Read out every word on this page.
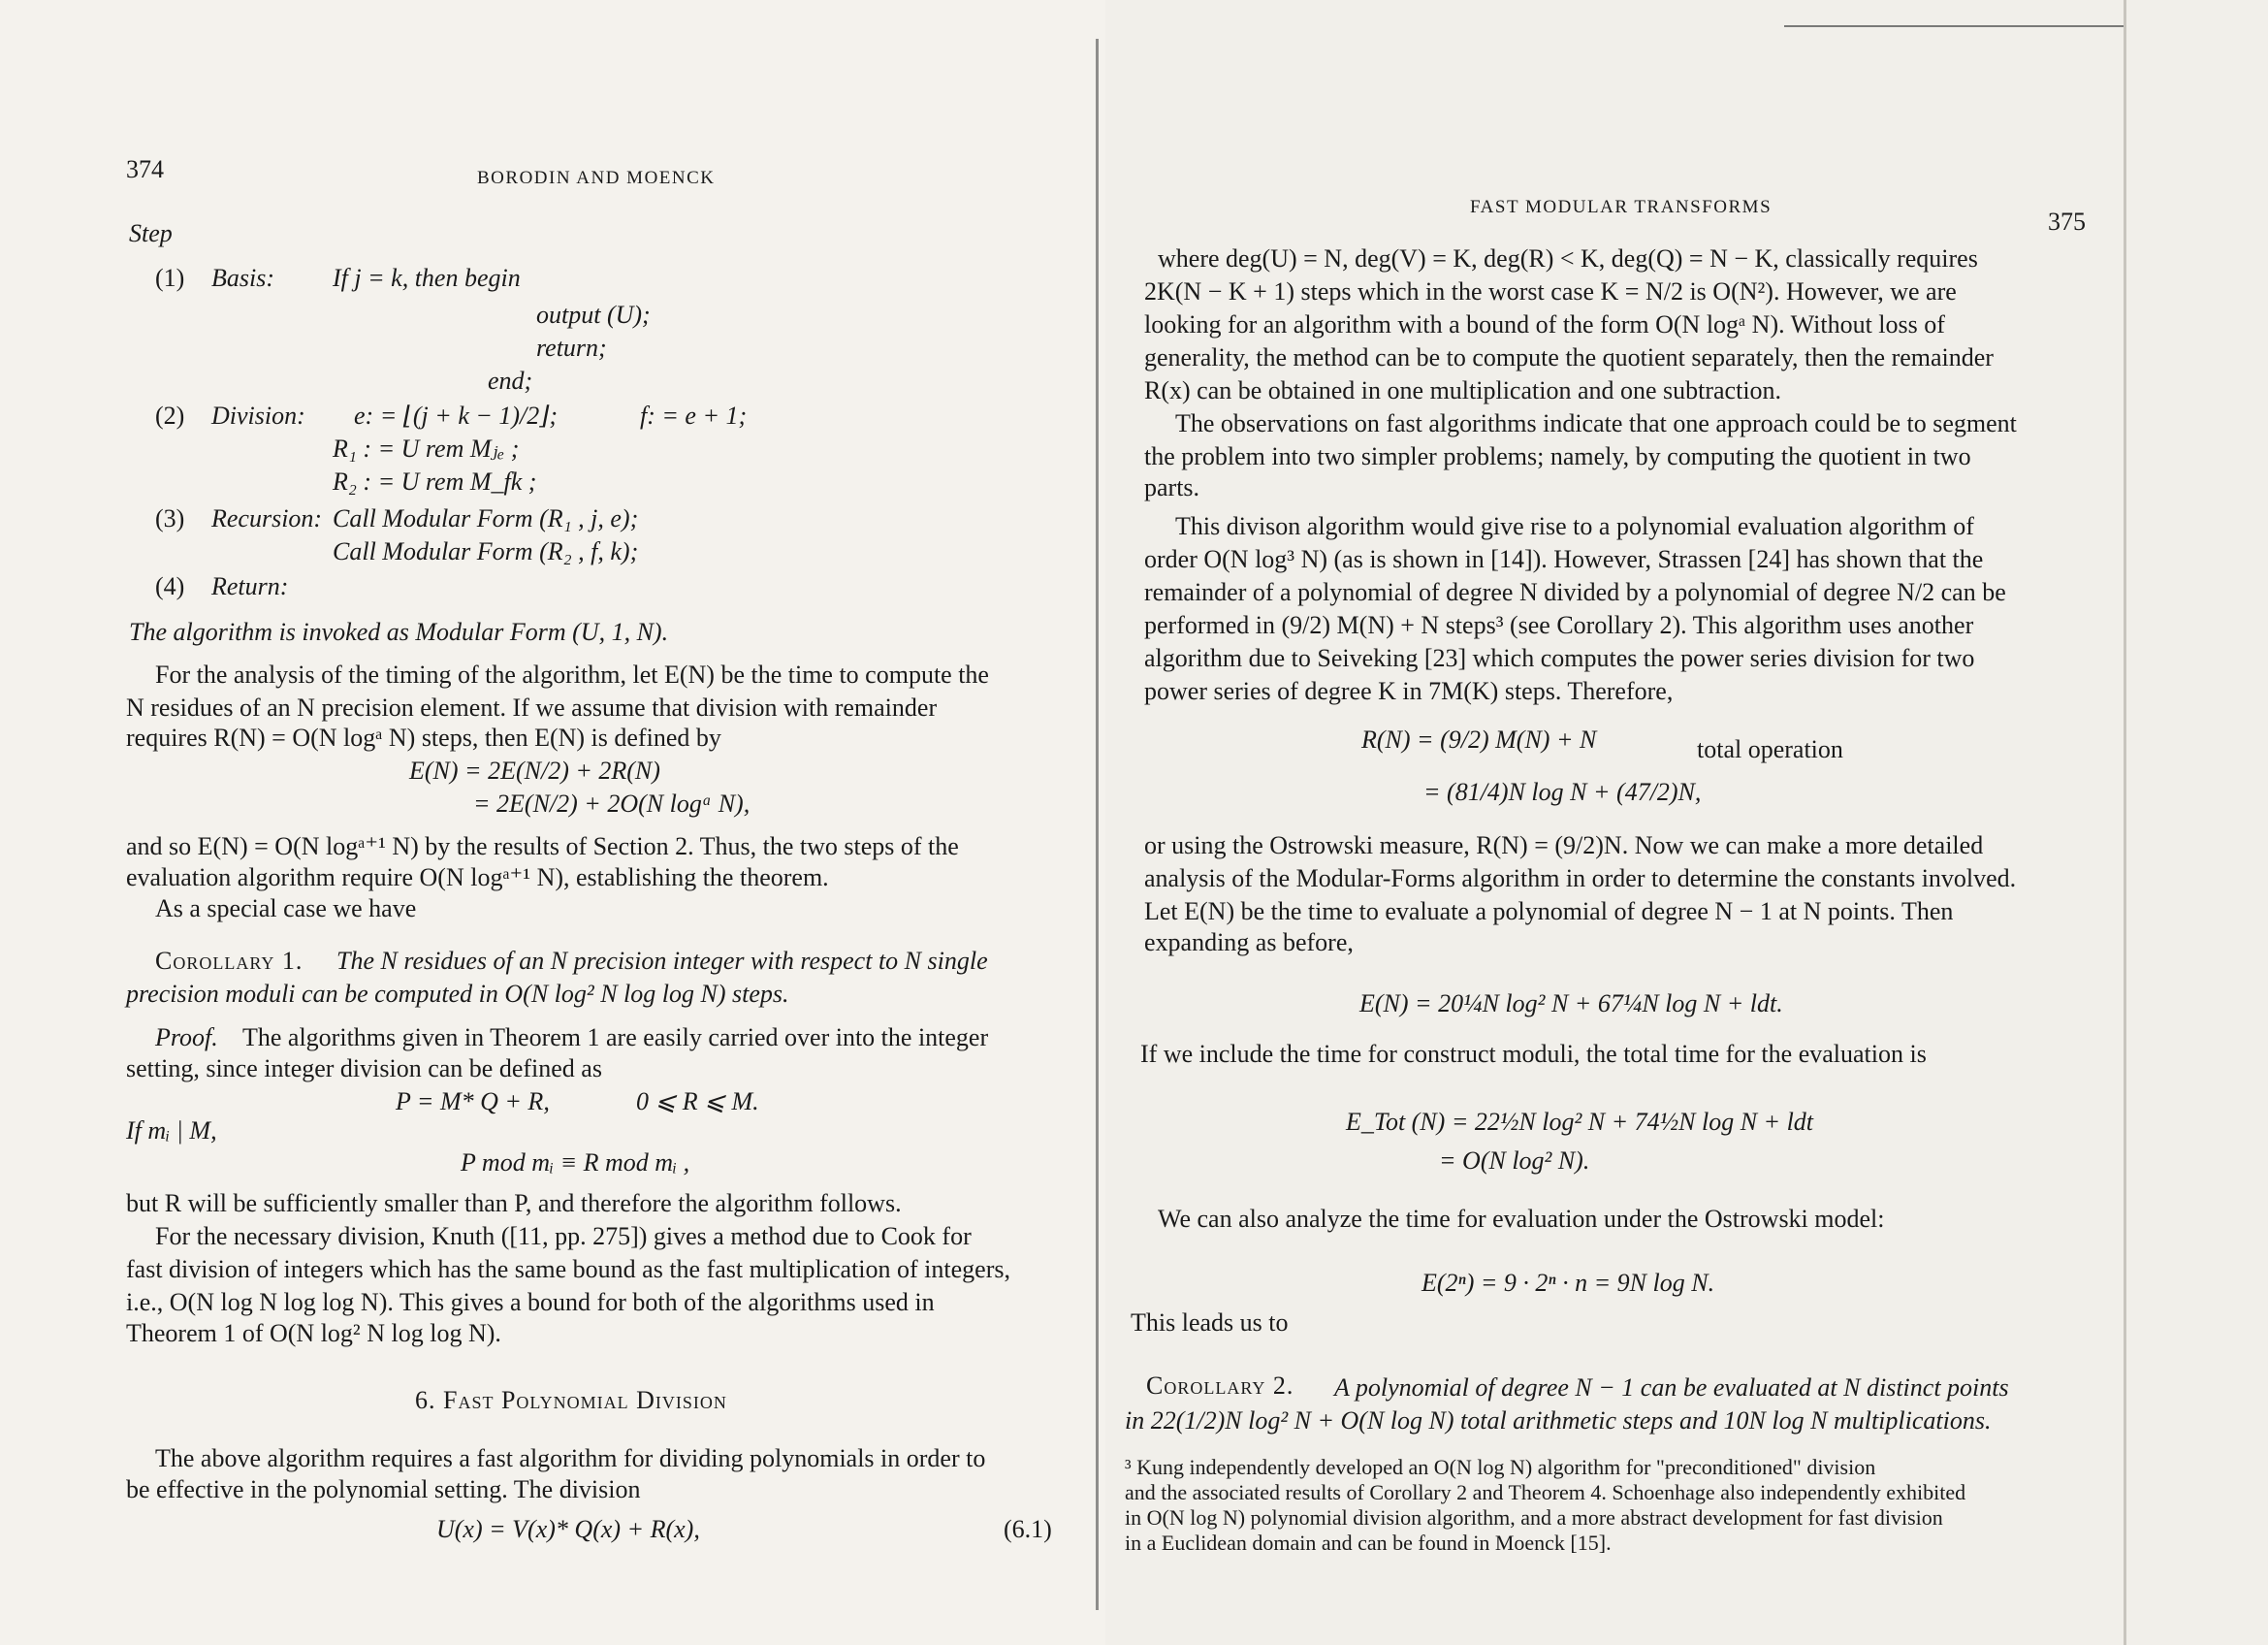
374	BORODIN AND MOENCK
Step
(1) Basis: If j = k, then begin
output (U);
return;
end;
(2) Division: e: = ⌊(j + k − 1)/2⌋;	f: = e + 1;
R₁ : = U rem Mⱼₑ ;
R₂ : = U rem M_fk ;
(3) Recursion: Call Modular Form (R₁ , j, e);
Call Modular Form (R₂ , f, k);
(4) Return:
The algorithm is invoked as Modular Form (U, 1, N).
For the analysis of the timing of the algorithm, let E(N) be the time to compute the
N residues of an N precision element. If we assume that division with remainder
requires R(N) = O(N logᵃ N) steps, then E(N) is defined by
E(N) = 2E(N/2) + 2R(N)
= 2E(N/2) + 2O(N logᵃ N),
and so E(N) = O(N logᵃ⁺¹ N) by the results of Section 2. Thus, the two steps of the
evaluation algorithm require O(N logᵃ⁺¹ N), establishing the theorem.
As a special case we have
Corollary 1. The N residues of an N precision integer with respect to N single
precision moduli can be computed in O(N log² N log log N) steps.
Proof. The algorithms given in Theorem 1 are easily carried over into the integer
setting, since integer division can be defined as
P = M* Q + R,	0 ⩽ R ⩽ M.
If mᵢ | M,
P mod mᵢ ≡ R mod mᵢ ,
but R will be sufficiently smaller than P, and therefore the algorithm follows.
For the necessary division, Knuth ([11, pp. 275]) gives a method due to Cook for
fast division of integers which has the same bound as the fast multiplication of integers,
i.e., O(N log N log log N). This gives a bound for both of the algorithms used in
Theorem 1 of O(N log² N log log N).
6. Fast Polynomial Division
The above algorithm requires a fast algorithm for dividing polynomials in order to
be effective in the polynomial setting. The division
U(x) = V(x)* Q(x) + R(x),	(6.1)
FAST MODULAR TRANSFORMS
375
where deg(U) = N, deg(V) = K, deg(R) < K, deg(Q) = N − K, classically requires
2K(N − K + 1) steps which in the worst case K = N/2 is O(N²). However, we are
looking for an algorithm with a bound of the form O(N logᵃ N). Without loss of
generality, the method can be to compute the quotient separately, then the remainder
R(x) can be obtained in one multiplication and one subtraction.
The observations on fast algorithms indicate that one approach could be to segment
the problem into two simpler problems; namely, by computing the quotient in two
parts.
This divison algorithm would give rise to a polynomial evaluation algorithm of
order O(N log³ N) (as is shown in [14]). However, Strassen [24] has shown that the
remainder of a polynomial of degree N divided by a polynomial of degree N/2 can be
performed in (9/2) M(N) + N steps³ (see Corollary 2). This algorithm uses another
algorithm due to Seiveking [23] which computes the power series division for two
power series of degree K in 7M(K) steps. Therefore,
R(N) = (9/2) M(N) + N	total operation
= (81/4)N log N + (47/2)N,
or using the Ostrowski measure, R(N) = (9/2)N. Now we can make a more detailed
analysis of the Modular-Forms algorithm in order to determine the constants involved.
Let E(N) be the time to evaluate a polynomial of degree N − 1 at N points. Then
expanding as before,
E(N) = 20¼N log² N + 67¼N log N + ldt.
If we include the time for construct moduli, the total time for the evaluation is
E_Tot (N) = 22½N log² N + 74½N log N + ldt
= O(N log² N).
We can also analyze the time for evaluation under the Ostrowski model:
E(2ⁿ) = 9 · 2ⁿ · n = 9N log N.
This leads us to
Corollary 2. A polynomial of degree N − 1 can be evaluated at N distinct points
in 22(1/2)N log² N + O(N log N) total arithmetic steps and 10N log N multiplications.
³ Kung independently developed an O(N log N) algorithm for "preconditioned" division
and the associated results of Corollary 2 and Theorem 4. Schoenhage also independently exhibited
in O(N log N) polynomial division algorithm, and a more abstract development for fast division
in a Euclidean domain and can be found in Moenck [15].
